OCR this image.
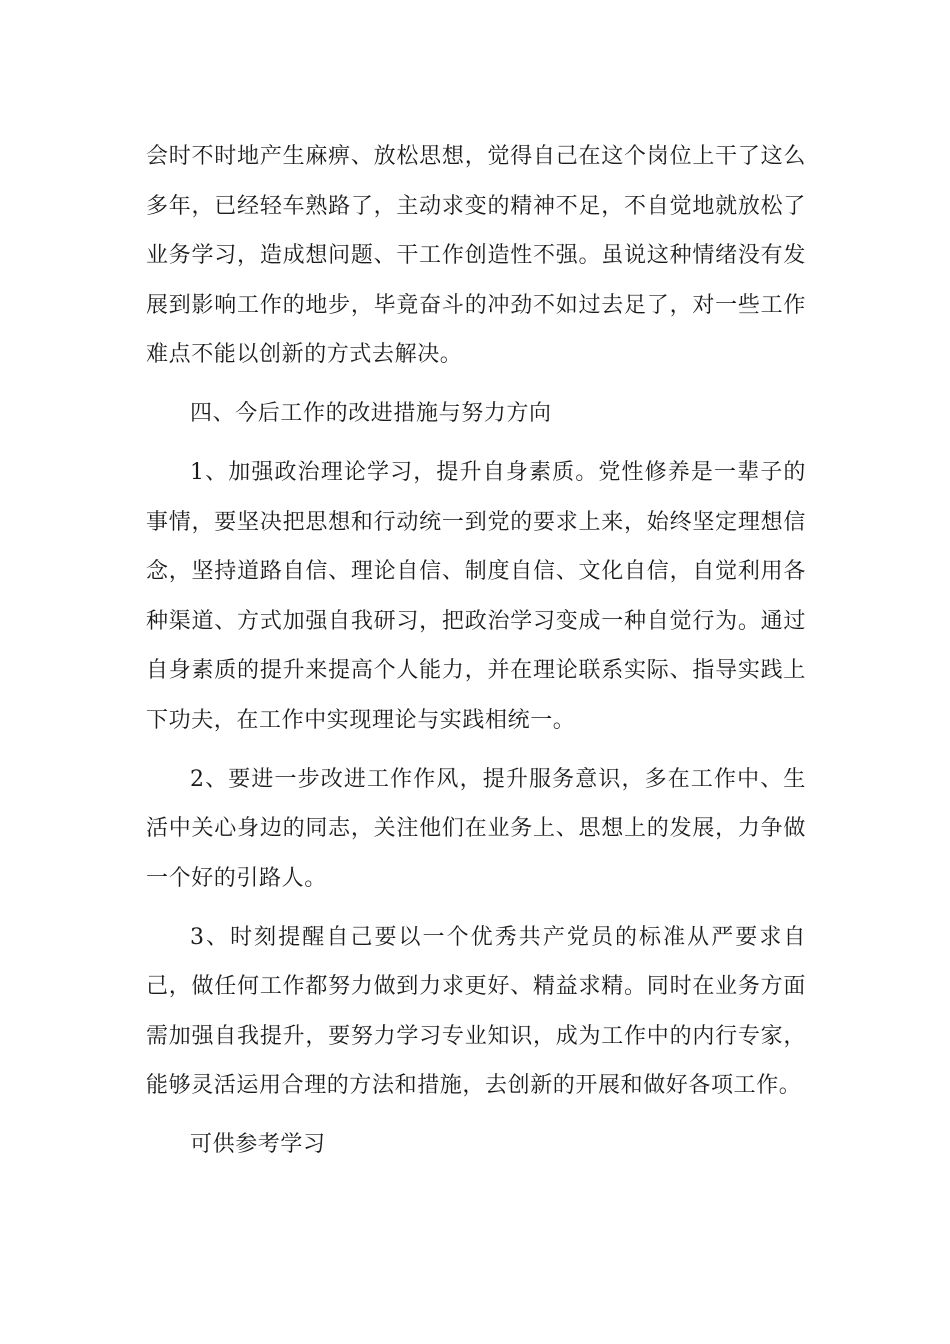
会时不时地产生麻痹、放松思想，觉得自己在这个岗位上干了这么多年，已经轻车熟路了，主动求变的精神不足，不自觉地就放松了业务学习，造成想问题、干工作创造性不强。虽说这种情绪没有发展到影响工作的地步，毕竟奋斗的冲劲不如过去足了，对一些工作难点不能以创新的方式去解决。

四、今后工作的改进措施与努力方向

1、加强政治理论学习，提升自身素质。党性修养是一辈子的事情，要坚决把思想和行动统一到党的要求上来，始终坚定理想信念，坚持道路自信、理论自信、制度自信、文化自信，自觉利用各种渠道、方式加强自我研习，把政治学习变成一种自觉行为。通过自身素质的提升来提高个人能力，并在理论联系实际、指导实践上下功夫，在工作中实现理论与实践相统一。

2、要进一步改进工作作风，提升服务意识，多在工作中、生活中关心身边的同志，关注他们在业务上、思想上的发展，力争做一个好的引路人。

3、时刻提醒自己要以一个优秀共产党员的标准从严要求自己，做任何工作都努力做到力求更好、精益求精。同时在业务方面需加强自我提升，要努力学习专业知识，成为工作中的内行专家，能够灵活运用合理的方法和措施，去创新的开展和做好各项工作。

可供参考学习
